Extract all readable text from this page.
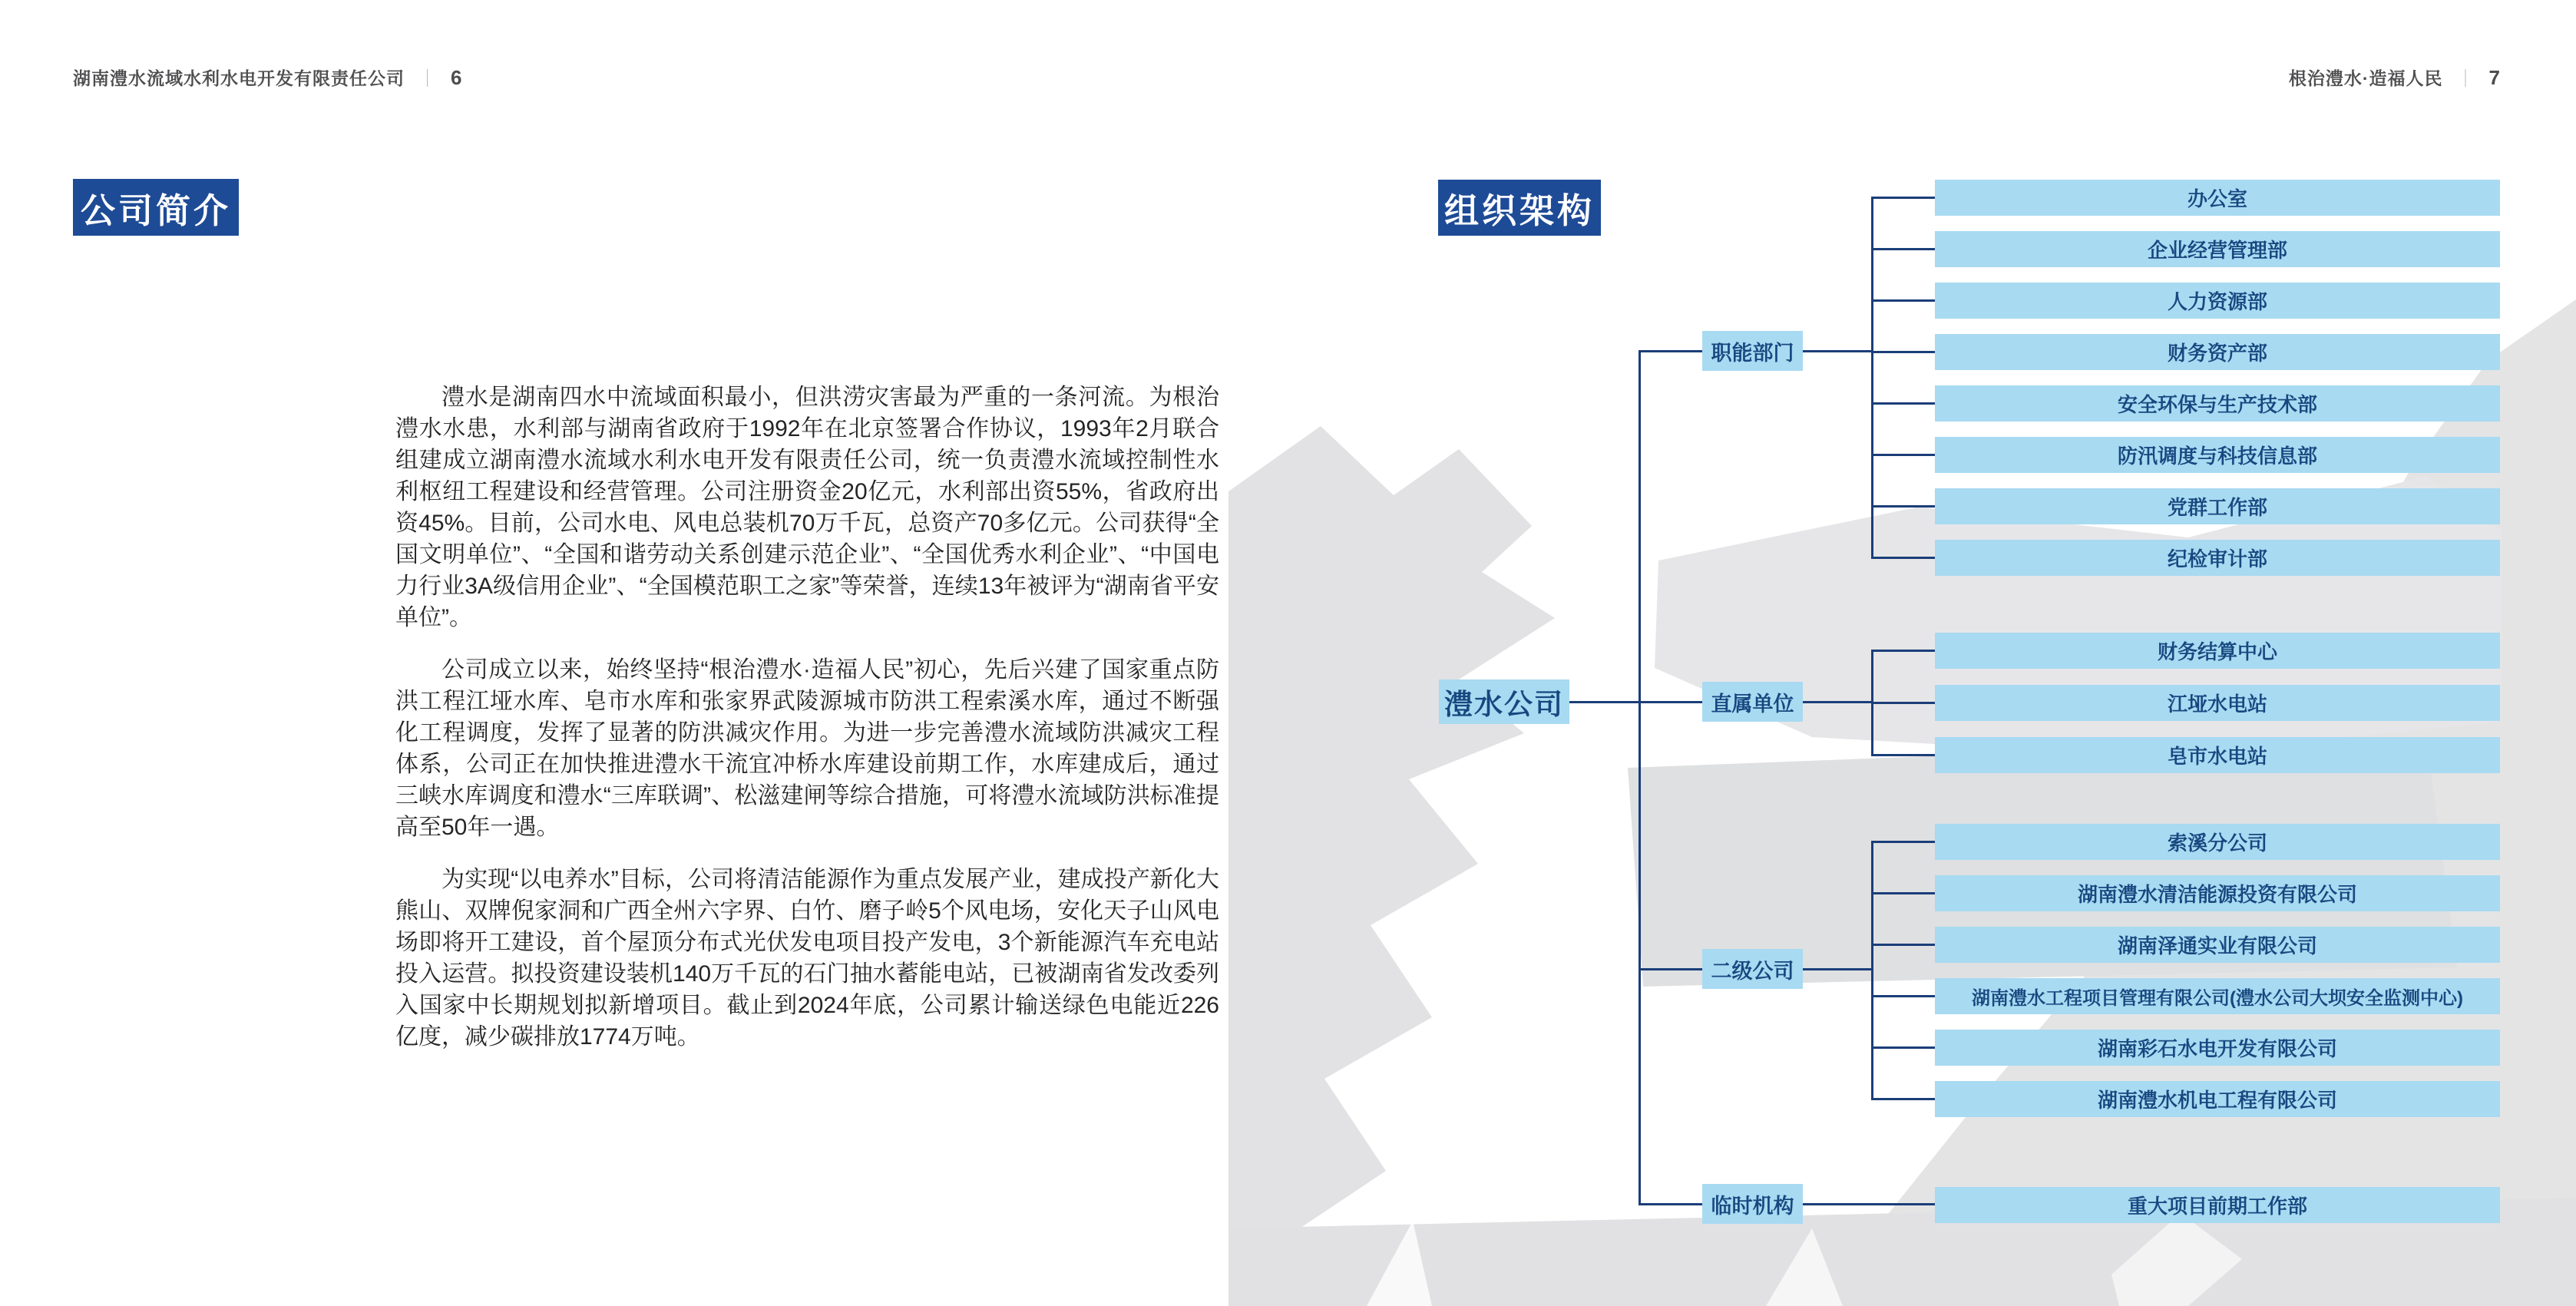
湖南澧水流域水利水电开发有限责任公司 ｜ 6	根治澧水·造福人民 ｜ 7
公司简介

澧水是湖南四水中流域面积最小，但洪涝灾害最为严重的一条河流。为根治澧水水患，水利部与湖南省政府于1992年在北京签署合作协议，1993年2月联合组建成立湖南澧水流域水利水电开发有限责任公司，统一负责澧水流域控制性水利枢纽工程建设和经营管理。公司注册资金20亿元，水利部出资55%，省政府出资45%。目前，公司水电、风电总装机70万千瓦，总资产70多亿元。公司获得“全国文明单位”、“全国和谐劳动关系创建示范企业”、“全国优秀水利企业”、“中国电力行业3A级信用企业”、“全国模范职工之家”等荣誉，连续13年被评为“湖南省平安单位”。

公司成立以来，始终坚持“根治澧水·造福人民”初心，先后兴建了国家重点防洪工程江垭水库、皂市水库和张家界武陵源城市防洪工程索溪水库，通过不断强化工程调度，发挥了显著的防洪减灾作用。为进一步完善澧水流域防洪减灾工程体系，公司正在加快推进澧水干流宜冲桥水库建设前期工作，水库建成后，通过三峡水库调度和澧水“三库联调”、松滋建闸等综合措施，可将澧水流域防洪标准提高至50年一遇。

为实现“以电养水”目标，公司将清洁能源作为重点发展产业，建成投产新化大熊山、双牌倪家洞和广西全州六字界、白竹、磨子岭5个风电场，安化天子山风电场即将开工建设，首个屋顶分布式光伏发电项目投产发电，3个新能源汽车充电站投入运营。拟投资建设装机140万千瓦的石门抽水蓄能电站，已被湖南省发改委列入国家中长期规划拟新增项目。截止到2024年底，公司累计输送绿色电能近226亿度，减少碳排放1774万吨。

组织架构
澧水公司
职能部门
直属单位
二级公司
临时机构
办公室
企业经营管理部
人力资源部
财务资产部
安全环保与生产技术部
防汛调度与科技信息部
党群工作部
纪检审计部
财务结算中心
江垭水电站
皂市水电站
索溪分公司
湖南澧水清洁能源投资有限公司
湖南泽通实业有限公司
湖南澧水工程项目管理有限公司(澧水公司大坝安全监测中心)
湖南彩石水电开发有限公司
湖南澧水机电工程有限公司
重大项目前期工作部
